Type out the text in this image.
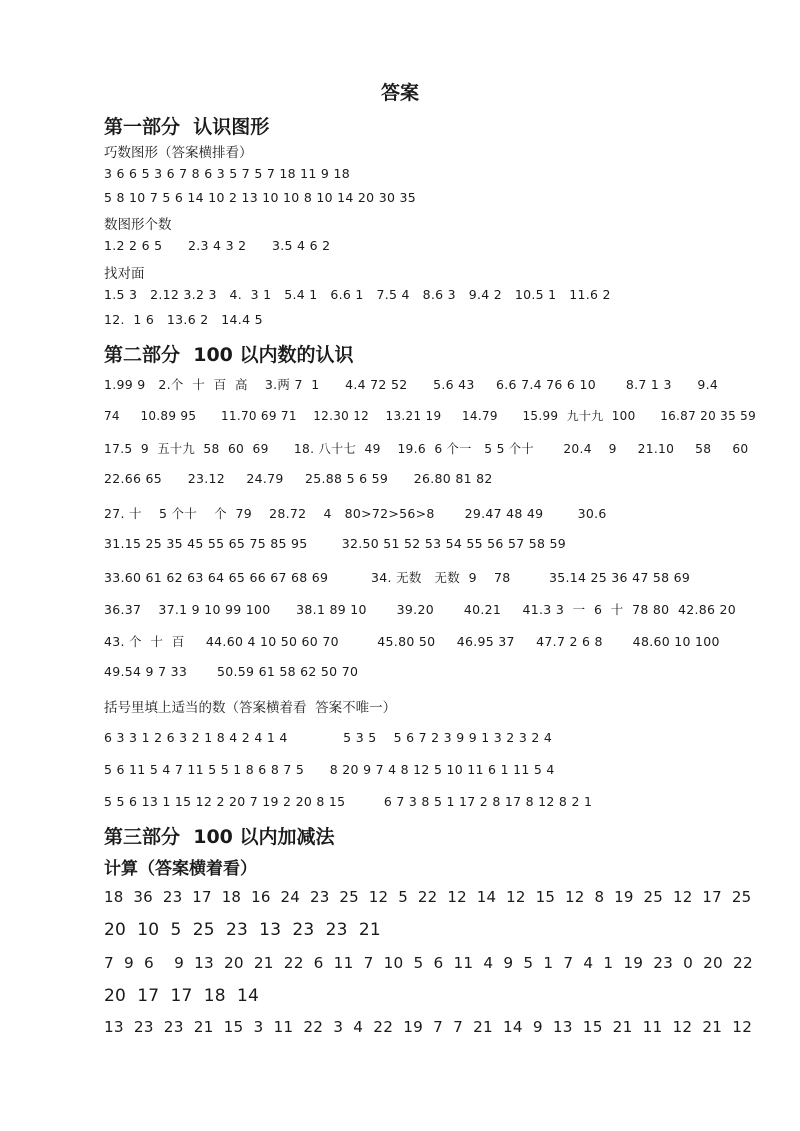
答案
第一部分  认识图形
巧数图形（答案横排看）
3 6 6 5 3 6 7 8 6 3 5 7 5 7 18 11 9 18
5 8 10 7 5 6 14 10 2 13 10 10 8 10 14 20 30 35
数图形个数
1.2 2 6 5      2.3 4 3 2      3.5 4 6 2
找对面
1.5 3   2.12 3.2 3   4.  3 1   5.4 1   6.6 1   7.5 4   8.6 3   9.4 2   10.5 1   11.6 2
12.  1 6   13.6 2   14.4 5
第二部分  100 以内数的认识
1.99 9   2.个  十  百  高    3.两 7  1      4.4 72 52      5.6 43     6.6 7.4 76 6 10       8.7 1 3      9.4
74     10.89 95      11.70 69 71    12.30 12    13.21 19     14.79      15.99  九十九  100      16.87 20 35 59
17.5  9  五十九  58  60  69      18. 八十七  49    19.6  6 个一   5 5 个十       20.4    9     21.10     58     60
22.66 65      23.12     24.79     25.88 5 6 59      26.80 81 82
27. 十    5 个十    个  79    28.72    4   80>72>56>8       29.47 48 49        30.6
31.15 25 35 45 55 65 75 85 95        32.50 51 52 53 54 55 56 57 58 59
33.60 61 62 63 64 65 66 67 68 69          34. 无数   无数  9    78         35.14 25 36 47 58 69
36.37    37.1 9 10 99 100      38.1 89 10       39.20       40.21     41.3 3  一  6  十  78 80  42.86 20
43. 个  十  百     44.60 4 10 50 60 70         45.80 50     46.95 37     47.7 2 6 8       48.60 10 100
49.54 9 7 33       50.59 61 58 62 50 70
括号里填上适当的数（答案横着看  答案不唯一）
6 3 3 1 2 6 3 2 1 8 4 2 4 1 4             5 3 5    5 6 7 2 3 9 9 1 3 2 3 2 4
5 6 11 5 4 7 11 5 5 1 8 6 8 7 5      8 20 9 7 4 8 12 5 10 11 6 1 11 5 4
5 5 6 13 1 15 12 2 20 7 19 2 20 8 15         6 7 3 8 5 1 17 2 8 17 8 12 8 2 1
第三部分  100 以内加减法
计算（答案横着看）
18  36  23  17  18  16  24  23  25  12  5  22  12  14  12  15  12  8  19  25  12  17  25
20  10  5  25  23  13  23  23  21
7  9  6    9  13  20  21  22  6  11  7  10  5  6  11  4  9  5  1  7  4  1  19  23  0  20  22
20  17  17  18  14
13  23  23  21  15  3  11  22  3  4  22  19  7  7  21  14  9  13  15  21  11  12  21  12
